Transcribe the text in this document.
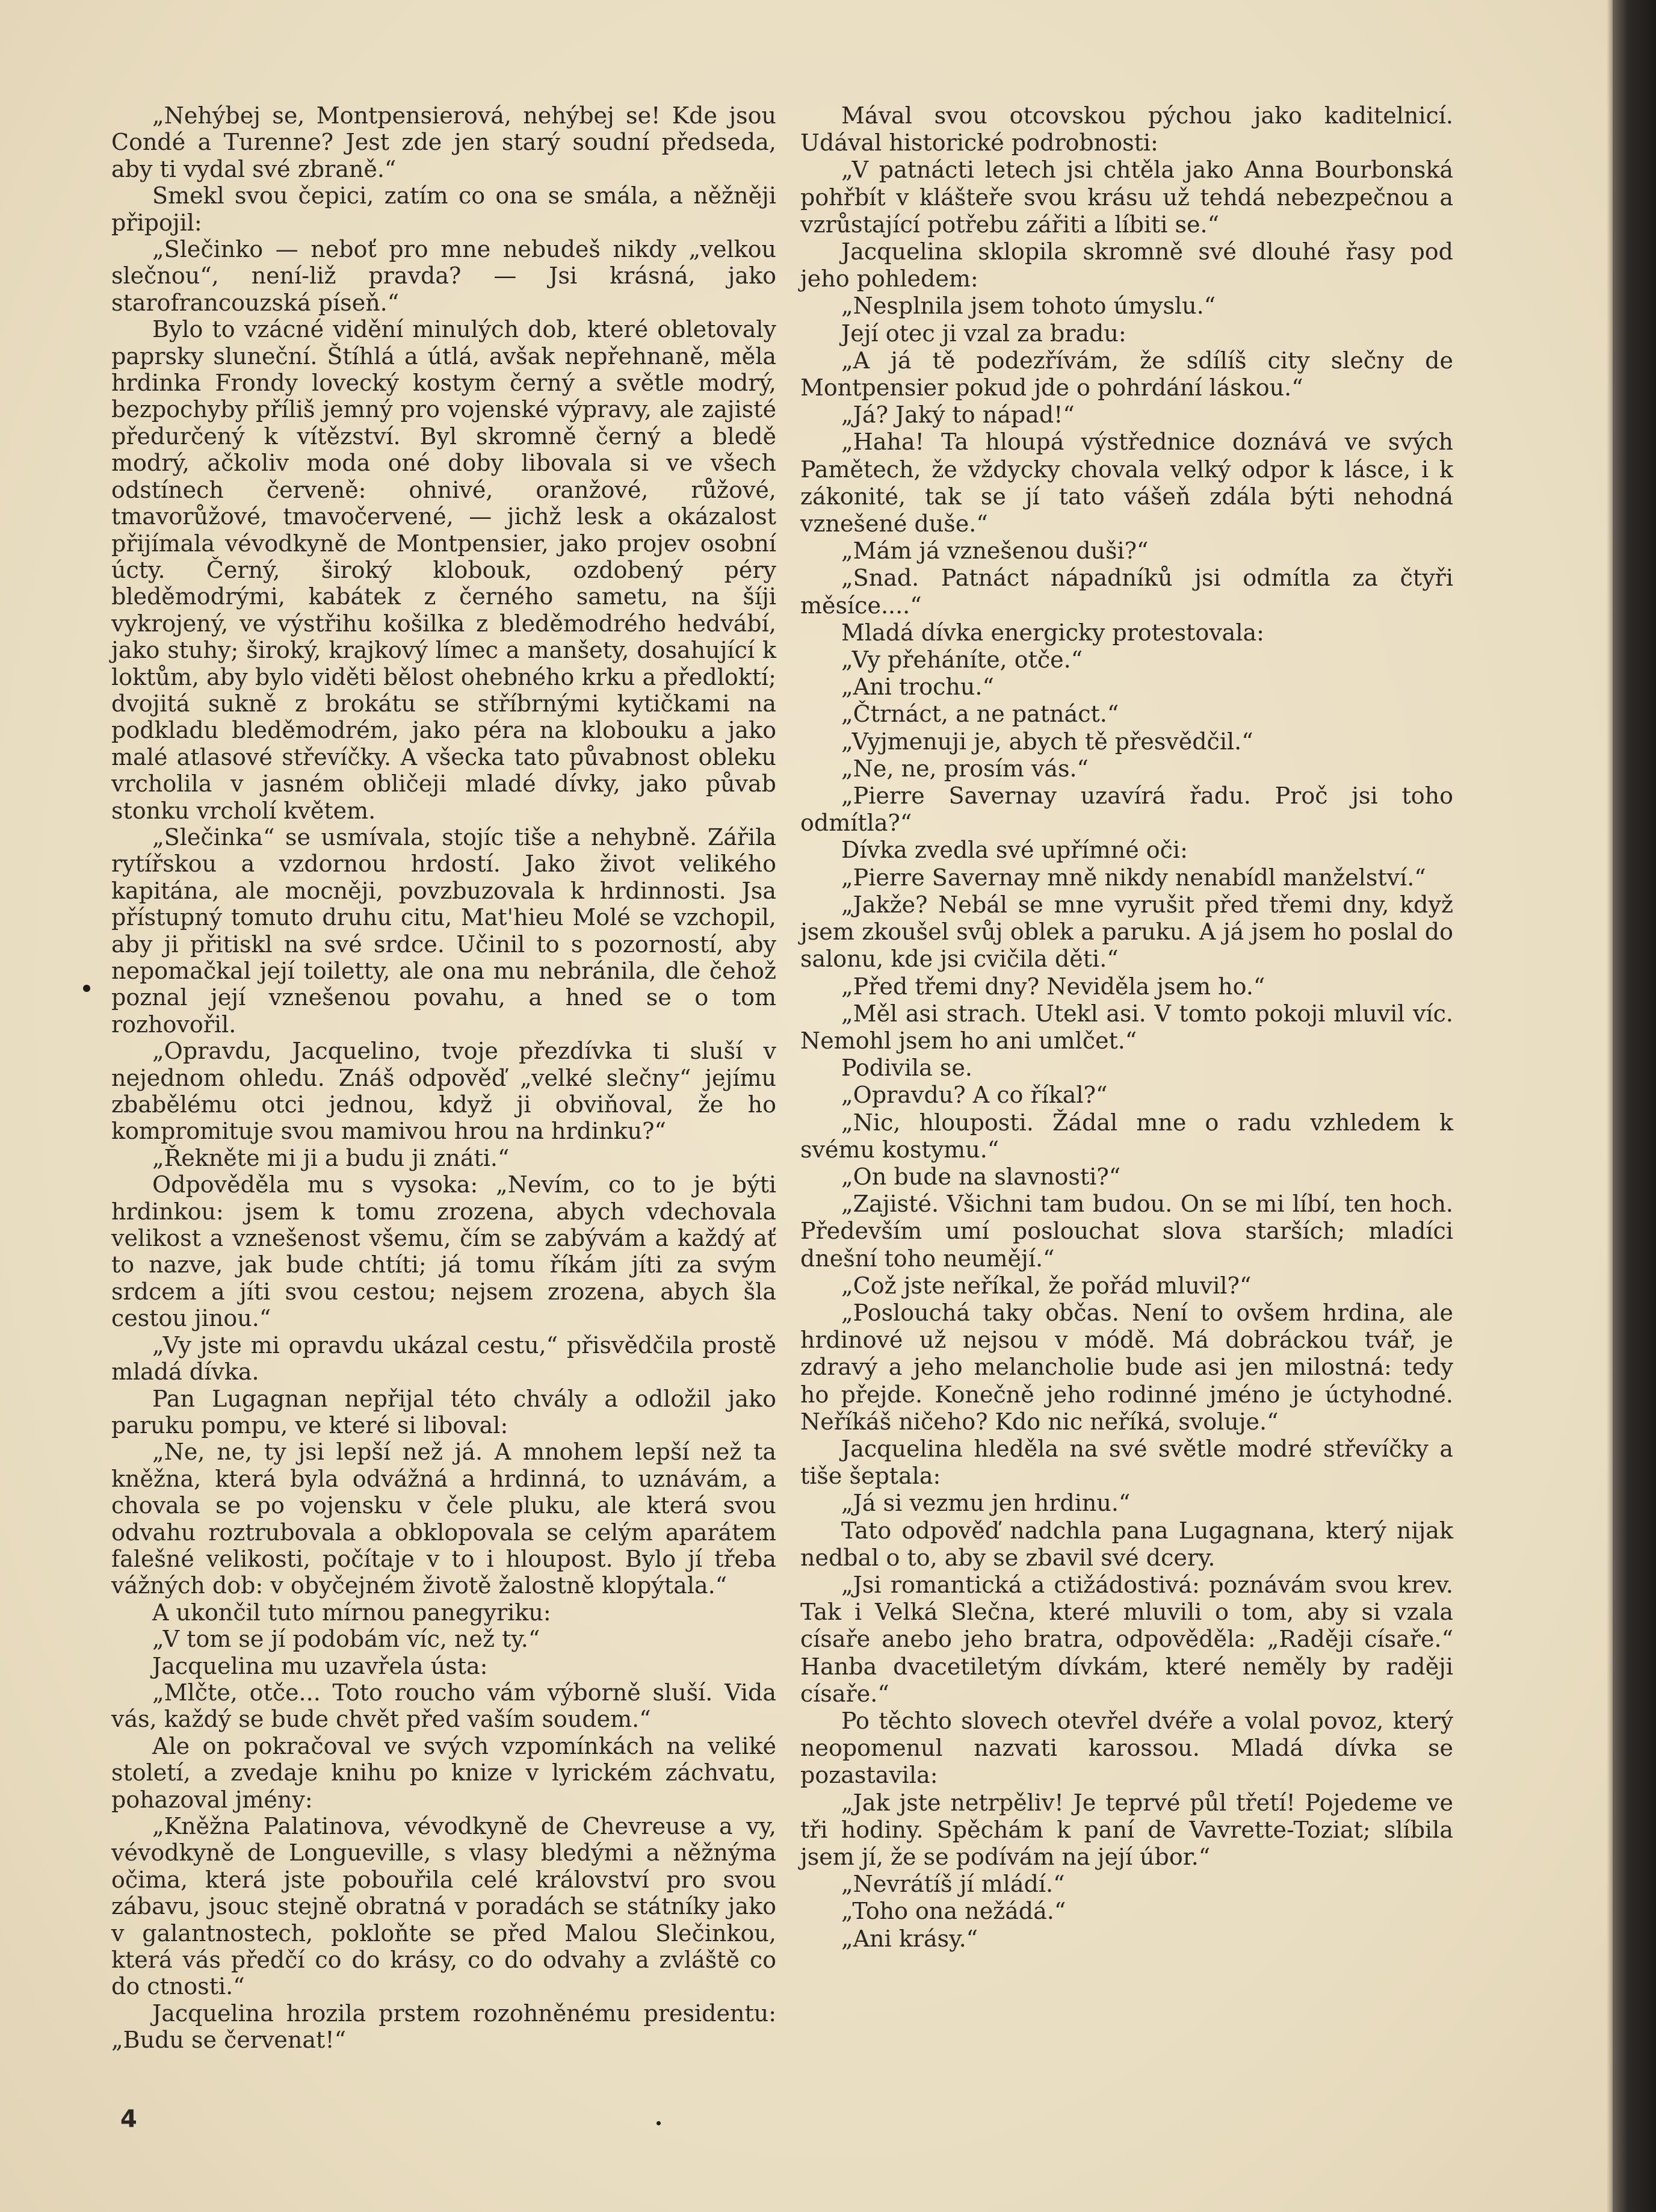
„Nehýbej se, Montpensierová, nehýbej se! Kde jsou Condé a Turenne? Jest zde jen starý soudní předseda, aby ti vydal své zbraně.“

Smekl svou čepici, zatím co ona se smála, a něžněji připojil:

„Slečinko — neboť pro mne nebudeš nikdy „velkou slečnou“, není-liž pravda? — Jsi krásná, jako starofrancouzská píseň.“

Bylo to vzácné vidění minulých dob, které obletovaly paprsky sluneční. Štíhlá a útlá, avšak nepřehnaně, měla hrdinka Frondy lovecký kostym černý a světle modrý, bezpochyby příliš jemný pro vojenské výpravy, ale zajisté předurčený k vítězství. Byl skromně černý a bledě modrý, ačkoliv moda oné doby libovala si ve všech odstínech červeně: ohnivé, oranžové, růžové, tmavorůžové, tmavočervené, — jichž lesk a okázalost přijímala vévodkyně de Montpensier, jako projev osobní úcty. Černý, široký klobouk, ozdobený péry bleděmodrými, kabátek z černého sametu, na šíji vykrojený, ve výstřihu košilka z bleděmodrého hedvábí, jako stuhy; široký, krajkový límec a manšety, dosahující k loktům, aby bylo viděti bělost ohebného krku a předloktí; dvojitá sukně z brokátu se stříbrnými kytičkami na podkladu bleděmodrém, jako péra na klobouku a jako malé atlasové střevíčky. A všecka tato půvabnost obleku vrcholila v jasném obličeji mladé dívky, jako půvab stonku vrcholí květem.

„Slečinka“ se usmívala, stojíc tiše a nehybně. Zářila rytířskou a vzdornou hrdostí. Jako život velikého kapitána, ale mocněji, povzbuzovala k hrdinnosti. Jsa přístupný tomuto druhu citu, Mat'hieu Molé se vzchopil, aby ji přitiskl na své srdce. Učinil to s pozorností, aby nepomačkal její toiletty, ale ona mu nebránila, dle čehož poznal její vznešenou povahu, a hned se o tom rozhovořil.

„Opravdu, Jacquelino, tvoje přezdívka ti sluší v nejednom ohledu. Znáš odpověď „velké slečny“ jejímu zbabělému otci jednou, když ji obviňoval, že ho kompromituje svou mamivou hrou na hrdinku?“

„Řekněte mi ji a budu ji znáti.“

Odpověděla mu s vysoka: „Nevím, co to je býti hrdinkou: jsem k tomu zrozena, abych vdechovala velikost a vznešenost všemu, čím se zabývám a každý ať to nazve, jak bude chtíti; já tomu říkám jíti za svým srdcem a jíti svou cestou; nejsem zrozena, abych šla cestou jinou.“

„Vy jste mi opravdu ukázal cestu,“ přisvědčila prostě mladá dívka.

Pan Lugagnan nepřijal této chvály a odložil jako paruku pompu, ve které si liboval:

„Ne, ne, ty jsi lepší než já. A mnohem lepší než ta kněžna, která byla odvážná a hrdinná, to uznávám, a chovala se po vojensku v čele pluku, ale která svou odvahu roztrubovala a obklopovala se celým aparátem falešné velikosti, počítaje v to i hloupost. Bylo jí třeba vážných dob: v obyčejném životě žalostně klopýtala.“

A ukončil tuto mírnou panegyriku:

„V tom se jí podobám víc, než ty.“

Jacquelina mu uzavřela ústa:

„Mlčte, otče... Toto roucho vám výborně sluší. Vida vás, každý se bude chvět před vaším soudem.“

Ale on pokračoval ve svých vzpomínkách na veliké století, a zvedaje knihu po knize v lyrickém záchvatu, pohazoval jmény:

„Kněžna Palatinova, vévodkyně de Chevreuse a vy, vévodkyně de Longueville, s vlasy bledými a něžnýma očima, která jste pobouřila celé království pro svou zábavu, jsouc stejně obratná v poradách se státníky jako v galantnostech, pokloňte se před Malou Slečinkou, která vás předčí co do krásy, co do odvahy a zvláště co do ctnosti.“

Jacquelina hrozila prstem rozohněnému presidentu: „Budu se červenat!“

Mával svou otcovskou pýchou jako kaditelnicí. Udával historické podrobnosti:

„V patnácti letech jsi chtěla jako Anna Bourbonská pohřbít v klášteře svou krásu už tehdá nebezpečnou a vzrůstající potřebu zářiti a líbiti se.“

Jacquelina sklopila skromně své dlouhé řasy pod jeho pohledem:

„Nesplnila jsem tohoto úmyslu.“

Její otec ji vzal za bradu:

„A já tě podezřívám, že sdílíš city slečny de Montpensier pokud jde o pohrdání láskou.“

„Já? Jaký to nápad!“

„Haha! Ta hloupá výstřednice doznává ve svých Pamětech, že vždycky chovala velký odpor k lásce, i k zákonité, tak se jí tato vášeň zdála býti nehodná vznešené duše.“

„Mám já vznešenou duši?“

„Snad. Patnáct nápadníků jsi odmítla za čtyři měsíce....“

Mladá dívka energicky protestovala:

„Vy přeháníte, otče.“

„Ani trochu.“

„Čtrnáct, a ne patnáct.“

„Vyjmenuji je, abych tě přesvědčil.“

„Ne, ne, prosím vás.“

„Pierre Savernay uzavírá řadu. Proč jsi toho odmítla?“

Dívka zvedla své upřímné oči:

„Pierre Savernay mně nikdy nenabídl manželství.“

„Jakže? Nebál se mne vyrušit před třemi dny, když jsem zkoušel svůj oblek a paruku. A já jsem ho poslal do salonu, kde jsi cvičila děti.“

„Před třemi dny? Neviděla jsem ho.“

„Měl asi strach. Utekl asi. V tomto pokoji mluvil víc. Nemohl jsem ho ani umlčet.“

Podivila se.

„Opravdu? A co říkal?“

„Nic, hlouposti. Žádal mne o radu vzhledem k svému kostymu.“

„On bude na slavnosti?“

„Zajisté. Všichni tam budou. On se mi líbí, ten hoch. Především umí poslouchat slova starších; mladíci dnešní toho neumějí.“

„Což jste neříkal, že pořád mluvil?“

„Poslouchá taky občas. Není to ovšem hrdina, ale hrdinové už nejsou v módě. Má dobráckou tvář, je zdravý a jeho melancholie bude asi jen milostná: tedy ho přejde. Konečně jeho rodinné jméno je úctyhodné. Neříkáš ničeho? Kdo nic neříká, svoluje.“

Jacquelina hleděla na své světle modré střevíčky a tiše šeptala:

„Já si vezmu jen hrdinu.“

Tato odpověď nadchla pana Lugagnana, který nijak nedbal o to, aby se zbavil své dcery.

„Jsi romantická a ctižádostivá: poznávám svou krev. Tak i Velká Slečna, které mluvili o tom, aby si vzala císaře anebo jeho bratra, odpověděla: „Raději císaře.“ Hanba dvacetiletým dívkám, které neměly by raději císaře.“

Po těchto slovech otevřel dvéře a volal povoz, který neopomenul nazvati karossou. Mladá dívka se pozastavila:

„Jak jste netrpěliv! Je teprvé půl třetí! Pojedeme ve tři hodiny. Spěchám k paní de Vavrette-Toziat; slíbila jsem jí, že se podívám na její úbor.“

„Nevrátíš jí mládí.“

„Toho ona nežádá.“

„Ani krásy.“

4
